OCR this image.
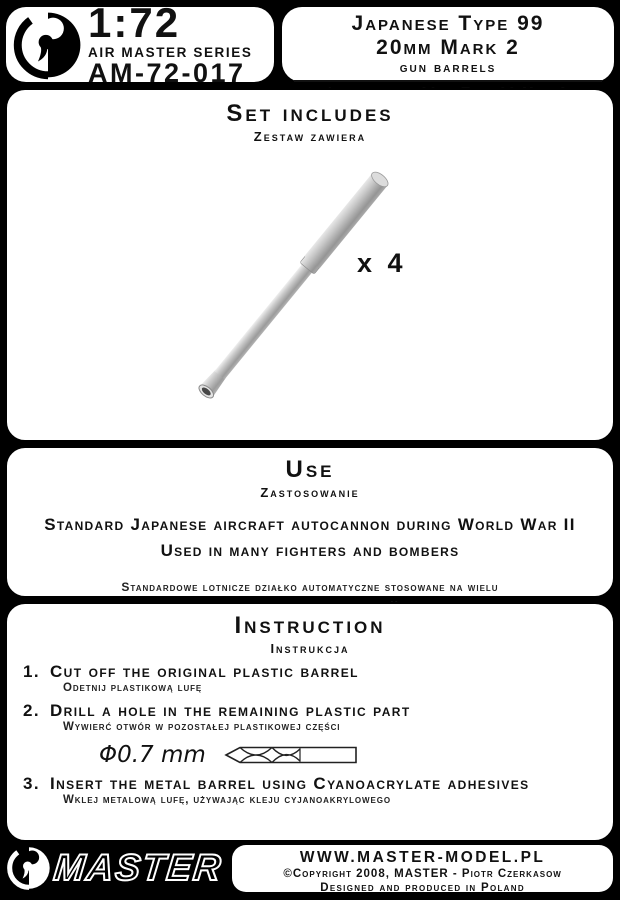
1:72
AIR MASTER SERIES
AM-72-017
Japanese Type 99
20mm Mark 2
gun barrels
Set includes
Zestaw zawiera
x 4
Use
Zastosowanie
Standard Japanese aircraft autocannon during World War II
Used in many fighters and bombers
Standardowe lotnicze działko automatyczne stosowane na wielu
Instruction
Instrukcja
1. Cut off the original plastic barrel
Odetnij plastikową lufę
2. Drill a hole in the remaining plastic part
Wywierć otwór w pozostałej plastikowej części
Φ0.7 mm
3. Insert the metal barrel using Cyanoacrylate adhesives
Wklej metalową lufę, używając kleju cyjanoakrylowego
MASTER	WWW.MASTER-MODEL.PL
©Copyright 2008, MASTER - Piotr Czerkasow
Designed and produced in Poland
